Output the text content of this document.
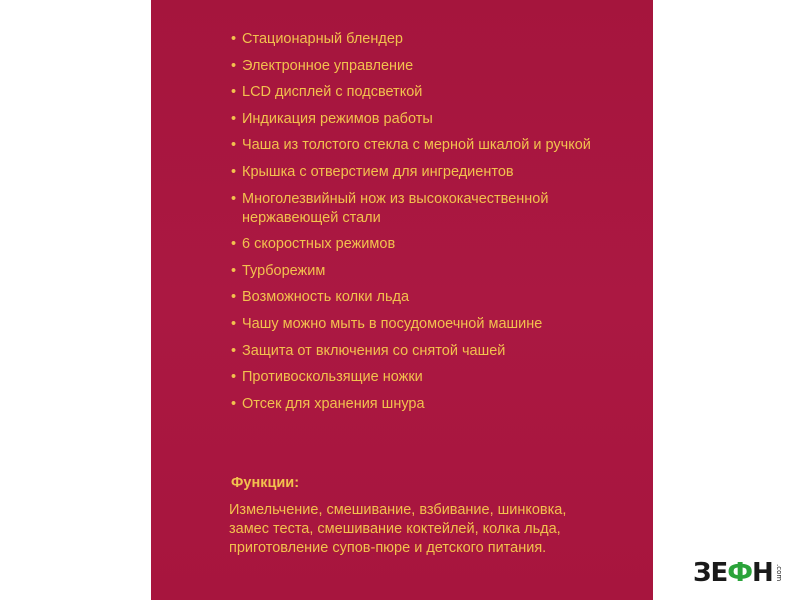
• Стационарный блендер
• Электронное управление
• LCD дисплей с подсветкой
• Индикация режимов работы
• Чаша из толстого стекла с мерной шкалой и ручкой
• Крышка с отверстием для ингредиентов
• Многолезвийный нож из высококачественной нержавеющей стали
• 6 скоростных режимов
• Турборежим
• Возможность колки льда
• Чашу можно мыть в посудомоечной машине
• Защита от включения со снятой чашей
• Противоскользящие ножки
• Отсек для хранения шнура

Функции:

Измельчение, смешивание, взбивание, шинковка,
замес теста, смешивание коктейлей, колка льда,
приготовление супов-пюре и детского питания.

ЗЕФН .com
